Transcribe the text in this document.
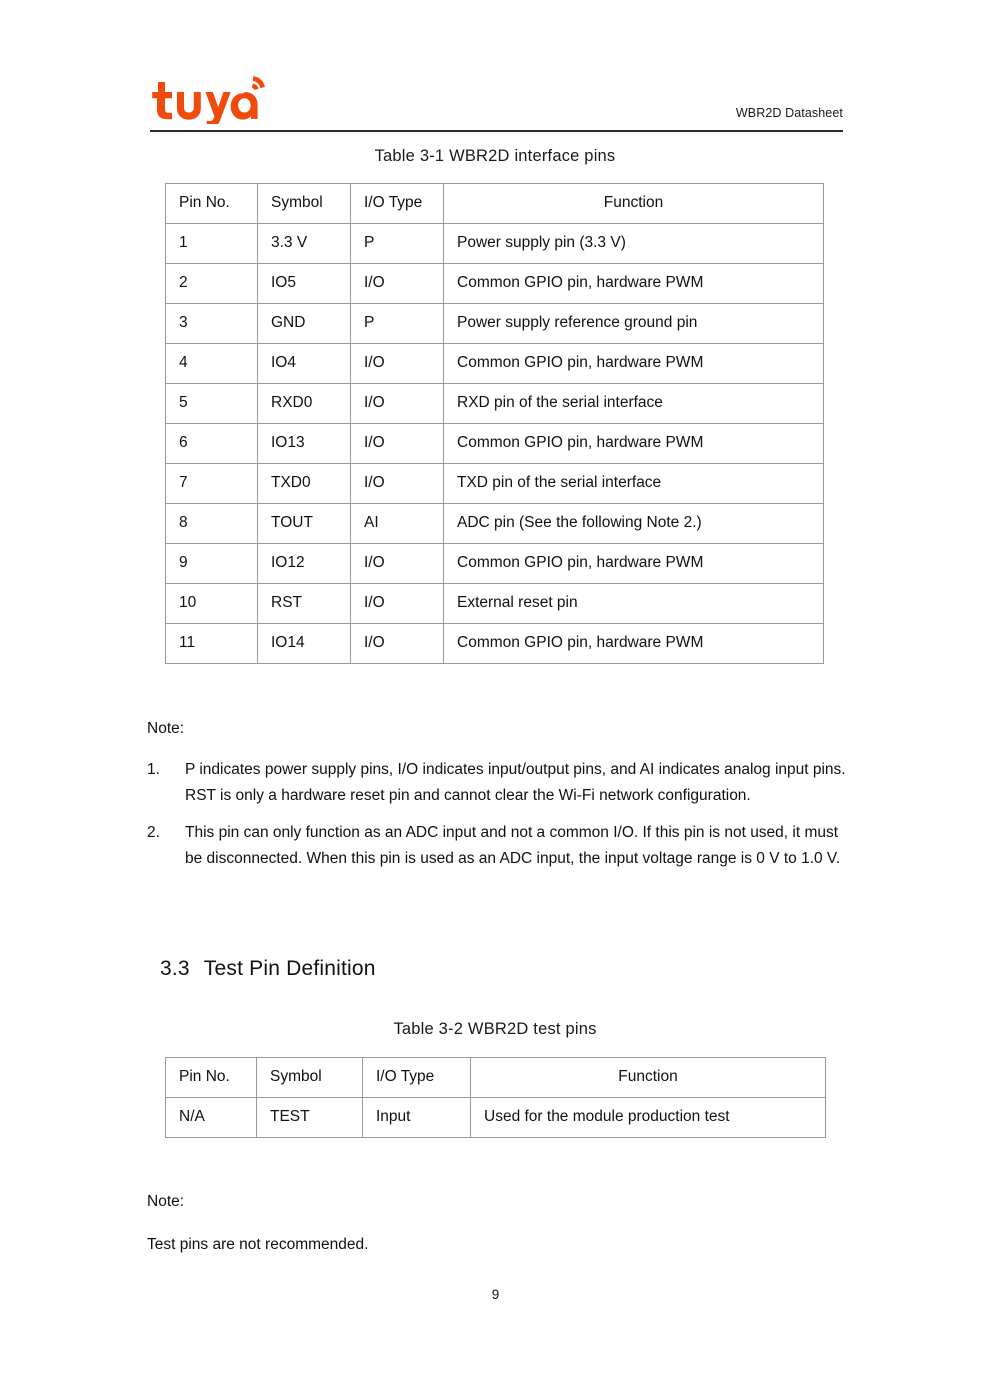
WBR2D Datasheet
Table 3-1 WBR2D interface pins
Pin No.	Symbol	I/O Type	Function
1	3.3 V	P	Power supply pin (3.3 V)
2	IO5	I/O	Common GPIO pin, hardware PWM
3	GND	P	Power supply reference ground pin
4	IO4	I/O	Common GPIO pin, hardware PWM
5	RXD0	I/O	RXD pin of the serial interface
6	IO13	I/O	Common GPIO pin, hardware PWM
7	TXD0	I/O	TXD pin of the serial interface
8	TOUT	AI	ADC pin (See the following Note 2.)
9	IO12	I/O	Common GPIO pin, hardware PWM
10	RST	I/O	External reset pin
11	IO14	I/O	Common GPIO pin, hardware PWM
Note:
1.	P indicates power supply pins, I/O indicates input/output pins, and AI indicates analog input pins. RST is only a hardware reset pin and cannot clear the Wi-Fi network configuration.
2.	This pin can only function as an ADC input and not a common I/O. If this pin is not used, it must be disconnected. When this pin is used as an ADC input, the input voltage range is 0 V to 1.0 V.
3.3 Test Pin Definition
Table 3-2 WBR2D test pins
Pin No.	Symbol	I/O Type	Function
N/A	TEST	Input	Used for the module production test
Note:
Test pins are not recommended.
9
